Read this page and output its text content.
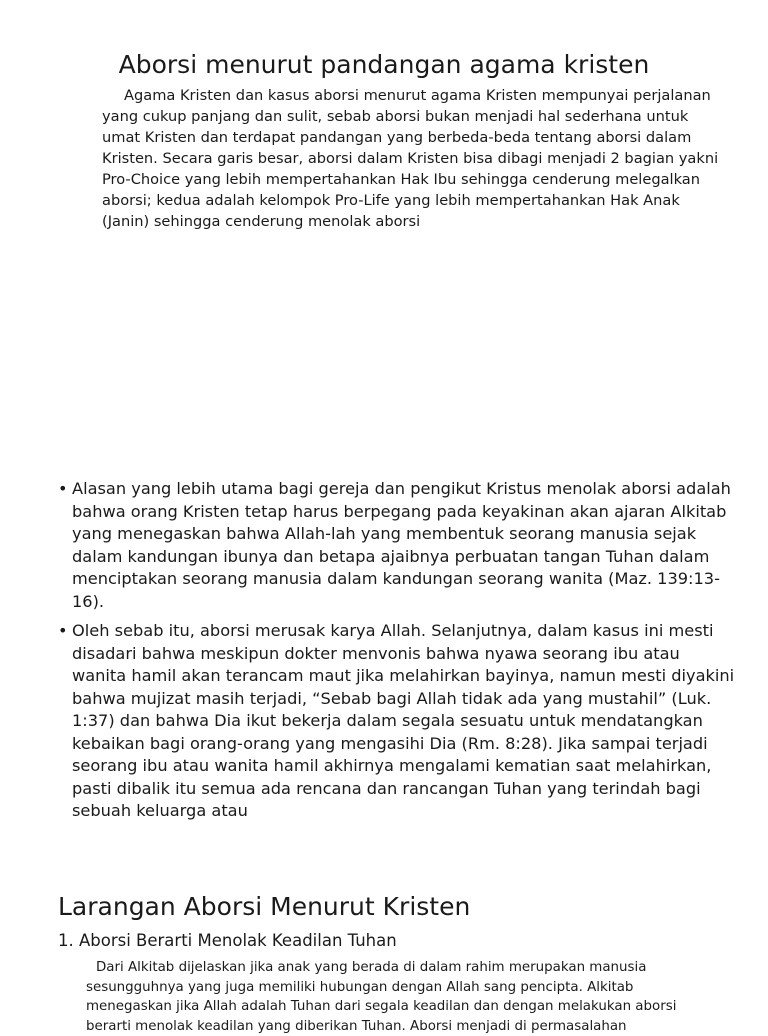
Aborsi menurut pandangan agama kristen

Agama Kristen dan kasus aborsi menurut agama Kristen mempunyai perjalanan yang cukup panjang dan sulit, sebab aborsi bukan menjadi hal sederhana untuk umat Kristen dan terdapat pandangan yang berbeda-beda tentang aborsi dalam Kristen. Secara garis besar, aborsi dalam Kristen bisa dibagi menjadi 2 bagian yakni Pro-Choice yang lebih mempertahankan Hak Ibu sehingga cenderung melegalkan aborsi; kedua adalah kelompok Pro-Life yang lebih mempertahankan Hak Anak (Janin) sehingga cenderung menolak aborsi

• Alasan yang lebih utama bagi gereja dan pengikut Kristus menolak aborsi adalah bahwa orang Kristen tetap harus berpegang pada keyakinan akan ajaran Alkitab yang menegaskan bahwa Allah-lah yang membentuk seorang manusia sejak dalam kandungan ibunya dan betapa ajaibnya perbuatan tangan Tuhan dalam menciptakan seorang manusia dalam kandungan seorang wanita (Maz. 139:13-16).
• Oleh sebab itu, aborsi merusak karya Allah. Selanjutnya, dalam kasus ini mesti disadari bahwa meskipun dokter menvonis bahwa nyawa seorang ibu atau wanita hamil akan terancam maut jika melahirkan bayinya, namun mesti diyakini bahwa mujizat masih terjadi, “Sebab bagi Allah tidak ada yang mustahil” (Luk. 1:37) dan bahwa Dia ikut bekerja dalam segala sesuatu untuk mendatangkan kebaikan bagi orang-orang yang mengasihi Dia (Rm. 8:28). Jika sampai terjadi seorang ibu atau wanita hamil akhirnya mengalami kematian saat melahirkan, pasti dibalik itu semua ada rencana dan rancangan Tuhan yang terindah bagi sebuah keluarga atau
Larangan Aborsi Menurut Kristen
1. Aborsi Berarti Menolak Keadilan Tuhan

Dari Alkitab dijelaskan jika anak yang berada di dalam rahim merupakan manusia sesungguhnya yang juga memiliki hubungan dengan Allah sang pencipta. Alkitab menegaskan jika Allah adalah Tuhan dari segala keadilan dan dengan melakukan aborsi berarti menolak keadilan yang diberikan Tuhan. Aborsi menjadi di permasalahan
